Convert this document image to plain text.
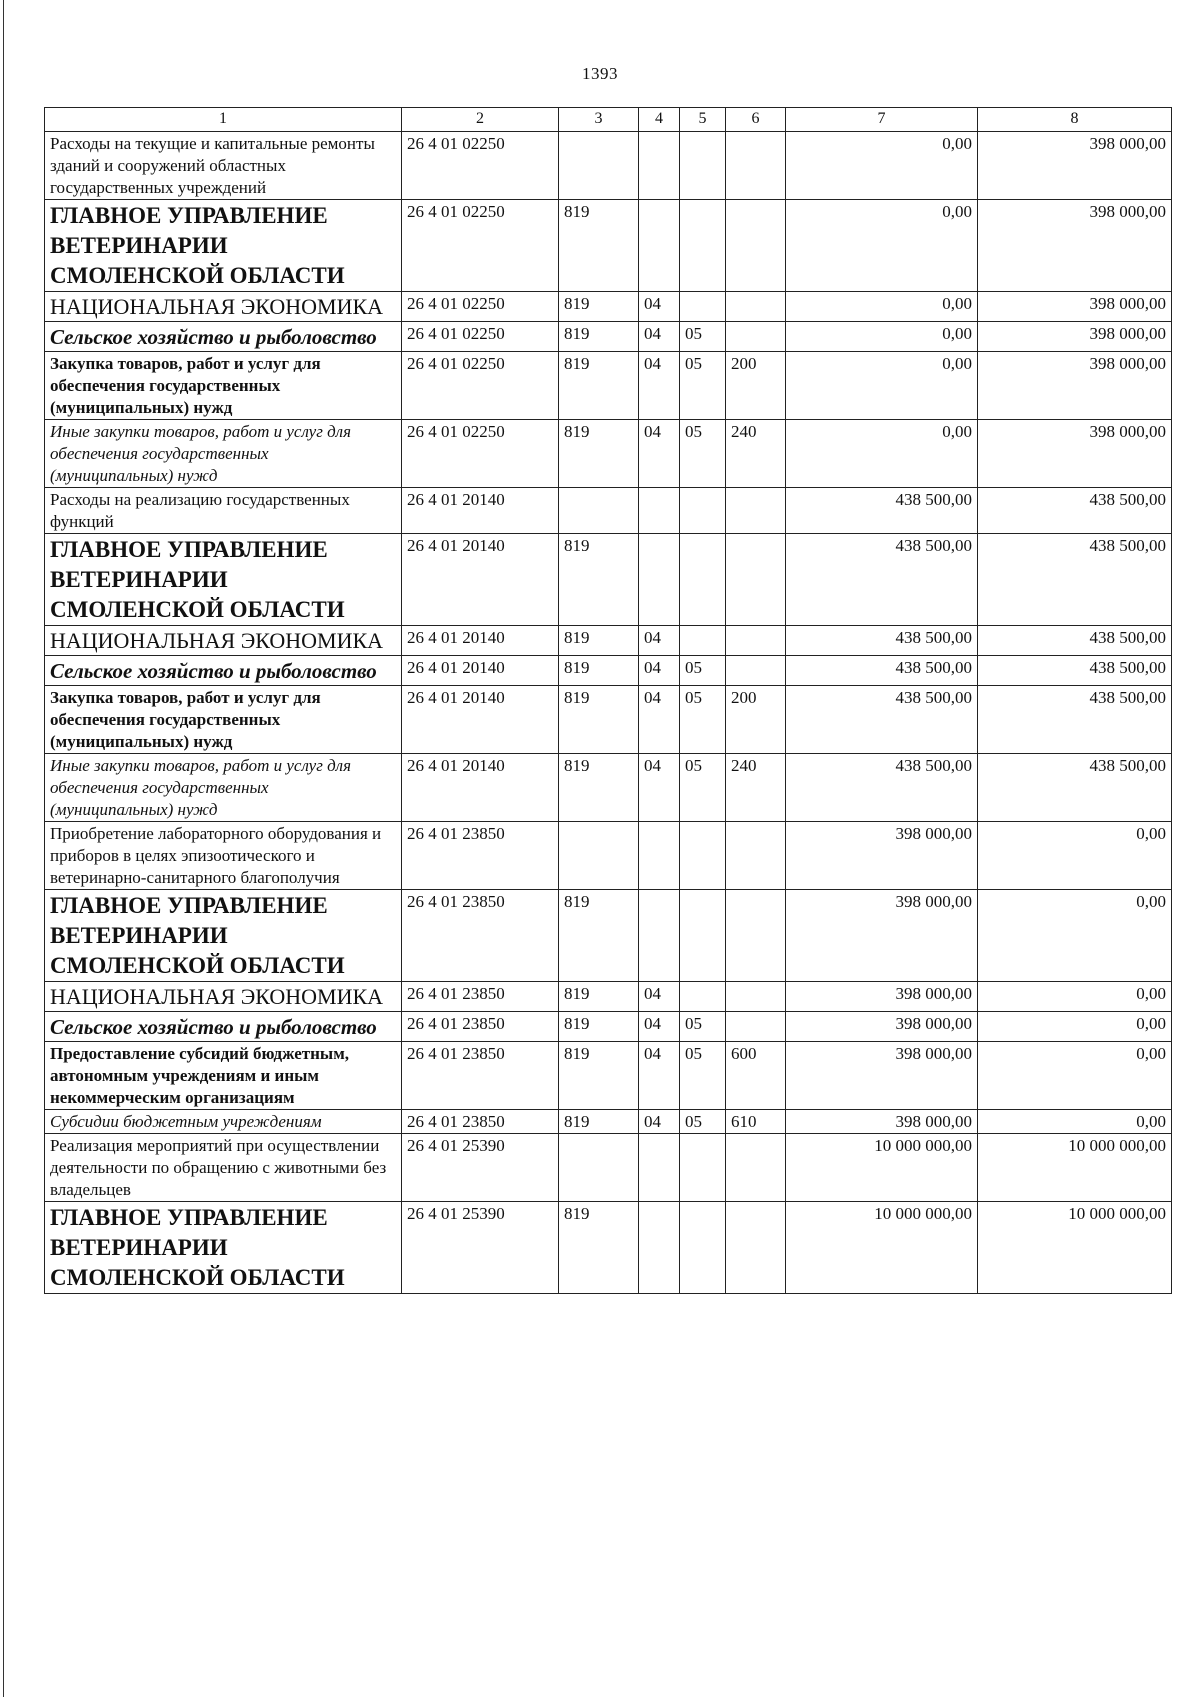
1393
1	2	3	4	5	6	7	8
Расходы на текущие и капитальные ремонты зданий и сооружений областных государственных учреждений	26 4 01 02250					0,00	398 000,00
ГЛАВНОЕ УПРАВЛЕНИЕ ВЕТЕРИНАРИИ СМОЛЕНСКОЙ ОБЛАСТИ	26 4 01 02250	819				0,00	398 000,00
НАЦИОНАЛЬНАЯ ЭКОНОМИКА	26 4 01 02250	819	04			0,00	398 000,00
Сельское хозяйство и рыболовство	26 4 01 02250	819	04	05		0,00	398 000,00
Закупка товаров, работ и услуг для обеспечения государственных (муниципальных) нужд	26 4 01 02250	819	04	05	200	0,00	398 000,00
Иные закупки товаров, работ и услуг для обеспечения государственных (муниципальных) нужд	26 4 01 02250	819	04	05	240	0,00	398 000,00
Расходы на реализацию государственных функций	26 4 01 20140					438 500,00	438 500,00
ГЛАВНОЕ УПРАВЛЕНИЕ ВЕТЕРИНАРИИ СМОЛЕНСКОЙ ОБЛАСТИ	26 4 01 20140	819				438 500,00	438 500,00
НАЦИОНАЛЬНАЯ ЭКОНОМИКА	26 4 01 20140	819	04			438 500,00	438 500,00
Сельское хозяйство и рыболовство	26 4 01 20140	819	04	05		438 500,00	438 500,00
Закупка товаров, работ и услуг для обеспечения государственных (муниципальных) нужд	26 4 01 20140	819	04	05	200	438 500,00	438 500,00
Иные закупки товаров, работ и услуг для обеспечения государственных (муниципальных) нужд	26 4 01 20140	819	04	05	240	438 500,00	438 500,00
Приобретение лабораторного оборудования и приборов в целях эпизоотического и ветеринарно-санитарного благополучия	26 4 01 23850					398 000,00	0,00
ГЛАВНОЕ УПРАВЛЕНИЕ ВЕТЕРИНАРИИ СМОЛЕНСКОЙ ОБЛАСТИ	26 4 01 23850	819				398 000,00	0,00
НАЦИОНАЛЬНАЯ ЭКОНОМИКА	26 4 01 23850	819	04			398 000,00	0,00
Сельское хозяйство и рыболовство	26 4 01 23850	819	04	05		398 000,00	0,00
Предоставление субсидий бюджетным, автономным учреждениям и иным некоммерческим организациям	26 4 01 23850	819	04	05	600	398 000,00	0,00
Субсидии бюджетным учреждениям	26 4 01 23850	819	04	05	610	398 000,00	0,00
Реализация мероприятий при осуществлении деятельности по обращению с животными без владельцев	26 4 01 25390					10 000 000,00	10 000 000,00
ГЛАВНОЕ УПРАВЛЕНИЕ ВЕТЕРИНАРИИ СМОЛЕНСКОЙ ОБЛАСТИ	26 4 01 25390	819				10 000 000,00	10 000 000,00
